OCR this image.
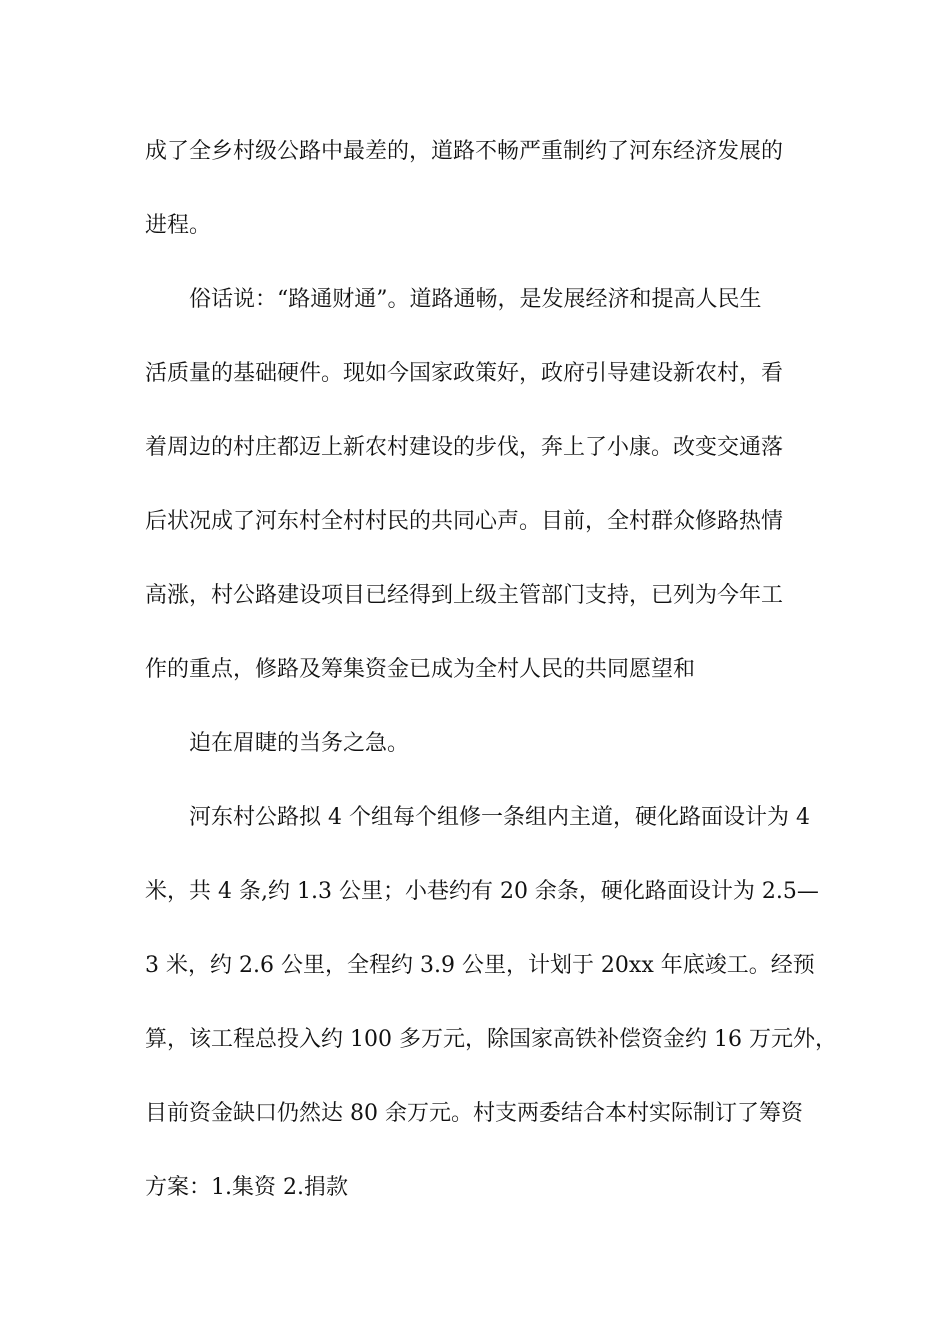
成了全乡村级公路中最差的，道路不畅严重制约了河东经济发展的
进程。
俗话说：“路通财通”。道路通畅，是发展经济和提高人民生
活质量的基础硬件。现如今国家政策好，政府引导建设新农村，看
着周边的村庄都迈上新农村建设的步伐，奔上了小康。改变交通落
后状况成了河东村全村村民的共同心声。目前，全村群众修路热情
高涨，村公路建设项目已经得到上级主管部门支持，已列为今年工
作的重点，修路及筹集资金已成为全村人民的共同愿望和
迫在眉睫的当务之急。
河东村公路拟 4 个组每个组修一条组内主道，硬化路面设计为 4
米，共 4 条,约 1.3 公里；小巷约有 20 余条，硬化路面设计为 2.5—
3 米，约 2.6 公里，全程约 3.9 公里，计划于 20xx 年底竣工。经预
算，该工程总投入约 100 多万元，除国家高铁补偿资金约 16 万元外，
目前资金缺口仍然达 80 余万元。村支两委结合本村实际制订了筹资
方案：1.集资 2.捐款
